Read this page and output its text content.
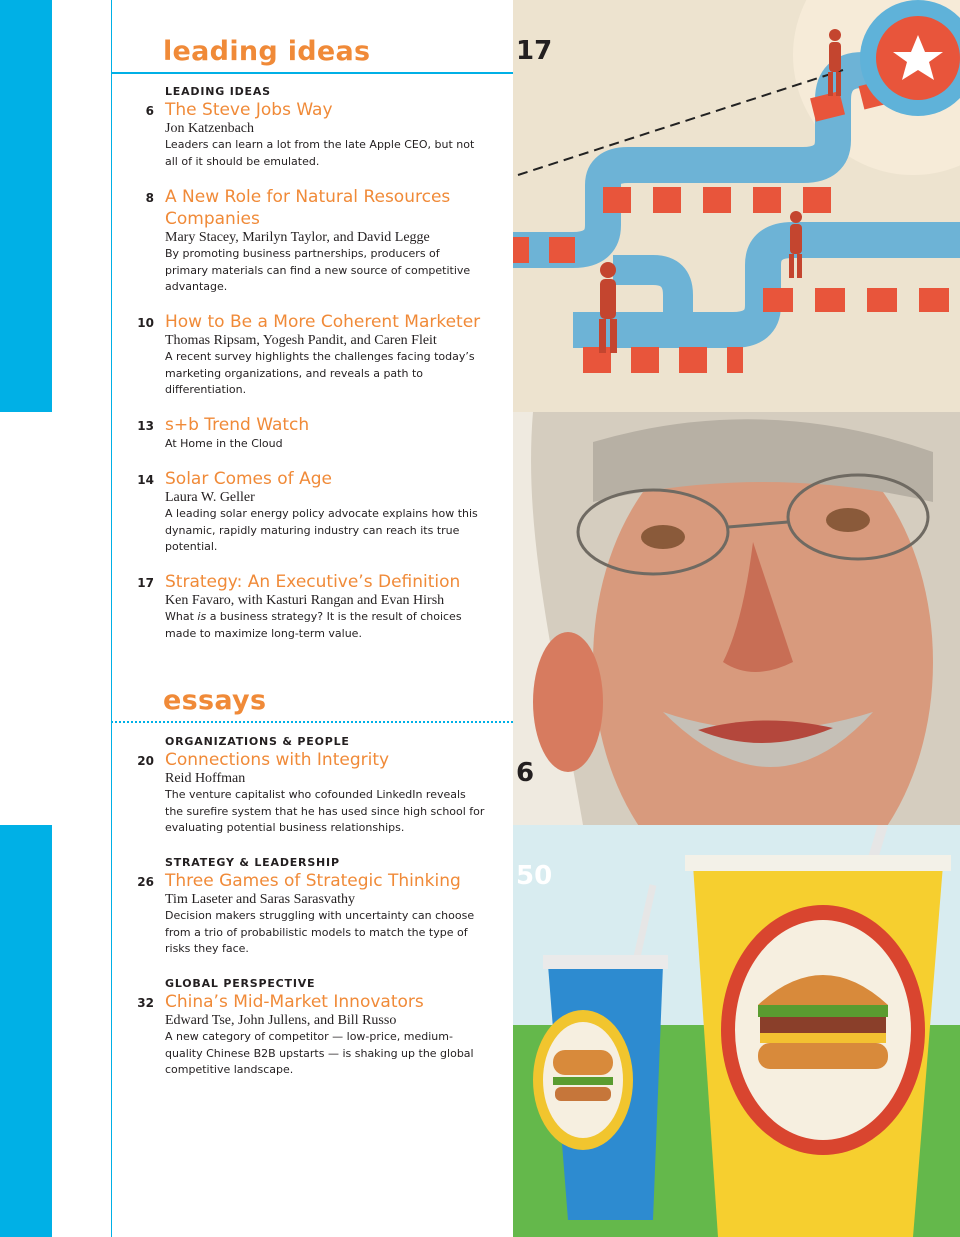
leading ideas
LEADING IDEAS
6 The Steve Jobs Way

Jon Katzenbach

Leaders can learn a lot from the late Apple CEO, but not all of it should be emulated.

8 A New Role for Natural Resources Companies

Mary Stacey, Marilyn Taylor, and David Legge

By promoting business partnerships, producers of primary materials can find a new source of competitive advantage.

10 How to Be a More Coherent Marketer

Thomas Ripsam, Yogesh Pandit, and Caren Fleit

A recent survey highlights the challenges facing today’s marketing organizations, and reveals a path to differentiation.

13 s+b Trend Watch

At Home in the Cloud

14 Solar Comes of Age

Laura W. Geller

A leading solar energy policy advocate explains how this dynamic, rapidly maturing industry can reach its true potential.

17 Strategy: An Executive’s Definition

Ken Favaro, with Kasturi Rangan and Evan Hirsh

What is a business strategy? It is the result of choices made to maximize long-term value.

essays
ORGANIZATIONS & PEOPLE
20 Connections with Integrity

Reid Hoffman

The venture capitalist who cofounded LinkedIn reveals the surefire system that he has used since high school for evaluating potential business relationships.

STRATEGY & LEADERSHIP
26 Three Games of Strategic Thinking

Tim Laseter and Saras Sarasvathy

Decision makers struggling with uncertainty can choose from a trio of probabilistic models to match the type of risks they face.

GLOBAL PERSPECTIVE
32 China’s Mid-Market Innovators

Edward Tse, John Jullens, and Bill Russo

A new category of competitor — low-price, medium-quality Chinese B2B upstarts — is shaking up the global competitive landscape.

17
6
50
